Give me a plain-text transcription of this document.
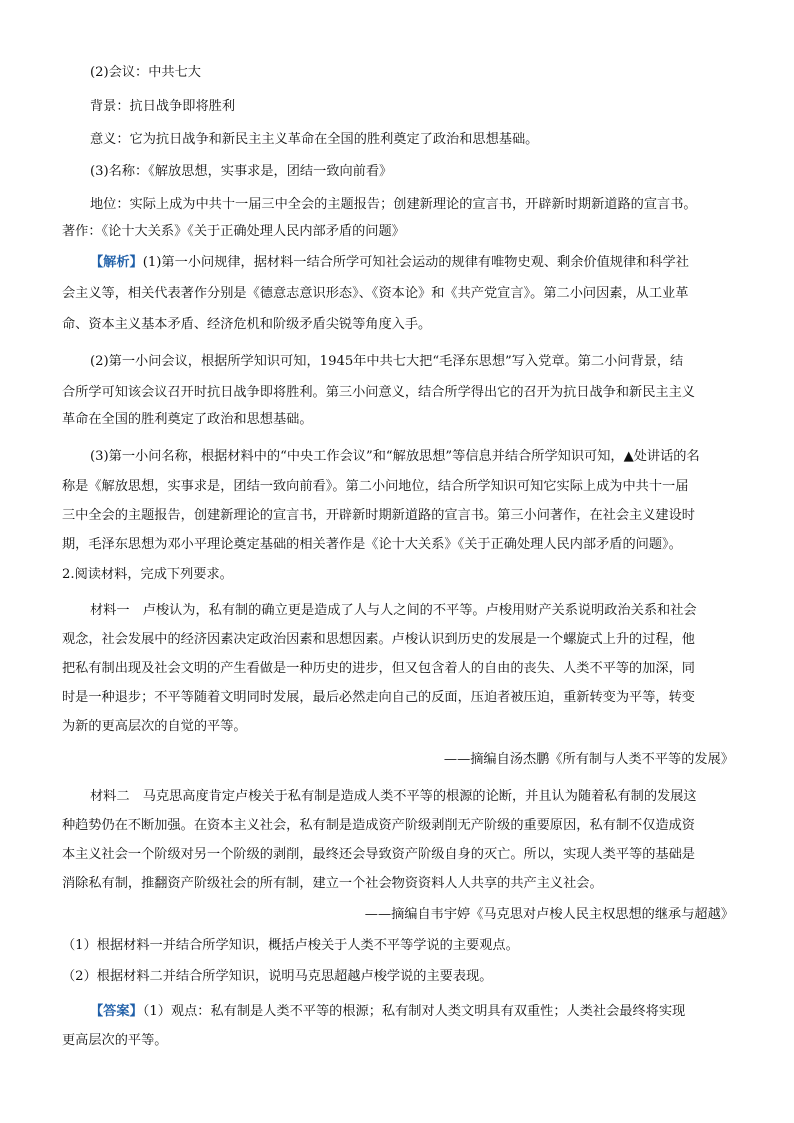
(2)会议：中共七大
背景：抗日战争即将胜利
意义：它为抗日战争和新民主主义革命在全国的胜利奠定了政治和思想基础。
(3)名称：《解放思想，实事求是，团结一致向前看》
地位：实际上成为中共十一届三中全会的主题报告；创建新理论的宣言书，开辟新时期新道路的宣言书。
著作：《论十大关系》《关于正确处理人民内部矛盾的问题》
【解析】(1)第一小问规律，据材料一结合所学可知社会运动的规律有唯物史观、剩余价值规律和科学社
会主义等，相关代表著作分别是《德意志意识形态》、《资本论》和《共产党宣言》。第二小问因素，从工业革
命、资本主义基本矛盾、经济危机和阶级矛盾尖锐等角度入手。
(2)第一小问会议，根据所学知识可知，1945年中共七大把“毛泽东思想”写入党章。第二小问背景，结
合所学可知该会议召开时抗日战争即将胜利。第三小问意义，结合所学得出它的召开为抗日战争和新民主主义
革命在全国的胜利奠定了政治和思想基础。
(3)第一小问名称，根据材料中的“中央工作会议”和“解放思想”等信息并结合所学知识可知，▲处讲话的名
称是《解放思想，实事求是，团结一致向前看》。第二小问地位，结合所学知识可知它实际上成为中共十一届
三中全会的主题报告，创建新理论的宣言书，开辟新时期新道路的宣言书。第三小问著作，在社会主义建设时
期，毛泽东思想为邓小平理论奠定基础的相关著作是《论十大关系》《关于正确处理人民内部矛盾的问题》。
2.阅读材料，完成下列要求。
材料一　卢梭认为，私有制的确立更是造成了人与人之间的不平等。卢梭用财产关系说明政治关系和社会
观念，社会发展中的经济因素决定政治因素和思想因素。卢梭认识到历史的发展是一个螺旋式上升的过程，他
把私有制出现及社会文明的产生看做是一种历史的进步，但又包含着人的自由的丧失、人类不平等的加深，同
时是一种退步；不平等随着文明同时发展，最后必然走向自己的反面，压迫者被压迫，重新转变为平等，转变
为新的更高层次的自觉的平等。
——摘编自汤杰鹏《所有制与人类不平等的发展》
材料二　马克思高度肯定卢梭关于私有制是造成人类不平等的根源的论断，并且认为随着私有制的发展这
种趋势仍在不断加强。在资本主义社会，私有制是造成资产阶级剥削无产阶级的重要原因，私有制不仅造成资
本主义社会一个阶级对另一个阶级的剥削，最终还会导致资产阶级自身的灭亡。所以，实现人类平等的基础是
消除私有制，推翻资产阶级社会的所有制，建立一个社会物资资料人人共享的共产主义社会。
——摘编自韦宇婷《马克思对卢梭人民主权思想的继承与超越》
（1）根据材料一并结合所学知识，概括卢梭关于人类不平等学说的主要观点。
（2）根据材料二并结合所学知识，说明马克思超越卢梭学说的主要表现。
【答案】（1）观点：私有制是人类不平等的根源；私有制对人类文明具有双重性；人类社会最终将实现
更高层次的平等。
